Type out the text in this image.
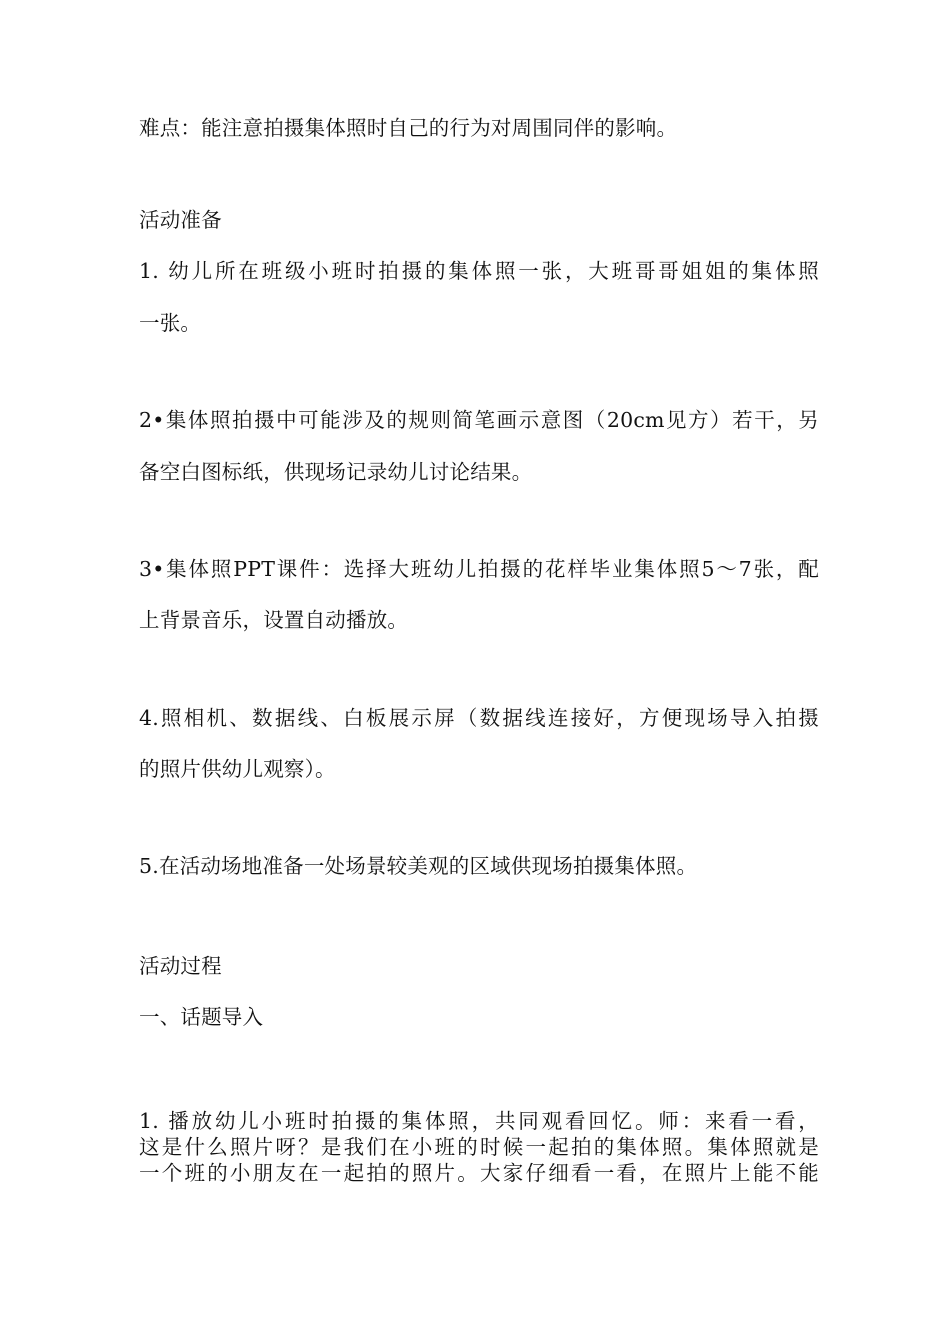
难点：能注意拍摄集体照时自己的行为对周围同伴的影响。
活动准备
1. 幼儿所在班级小班时拍摄的集体照一张，大班哥哥姐姐的集体照
一张。
2•集体照拍摄中可能涉及的规则简笔画示意图（20cm见方）若干，另
备空白图标纸，供现场记录幼儿讨论结果。
3•集体照PPT课件：选择大班幼儿拍摄的花样毕业集体照5〜7张，配
上背景音乐，设置自动播放。
4.照相机、数据线、白板展示屏（数据线连接好，方便现场导入拍摄
的照片供幼儿观察）。
5.在活动场地准备一处场景较美观的区域供现场拍摄集体照。
活动过程
一、话题导入
1. 播放幼儿小班时拍摄的集体照，共同观看回忆。师：来看一看，
这是什么照片呀？是我们在小班的时候一起拍的集体照。集体照就是
一个班的小朋友在一起拍的照片。大家仔细看一看，在照片上能不能
